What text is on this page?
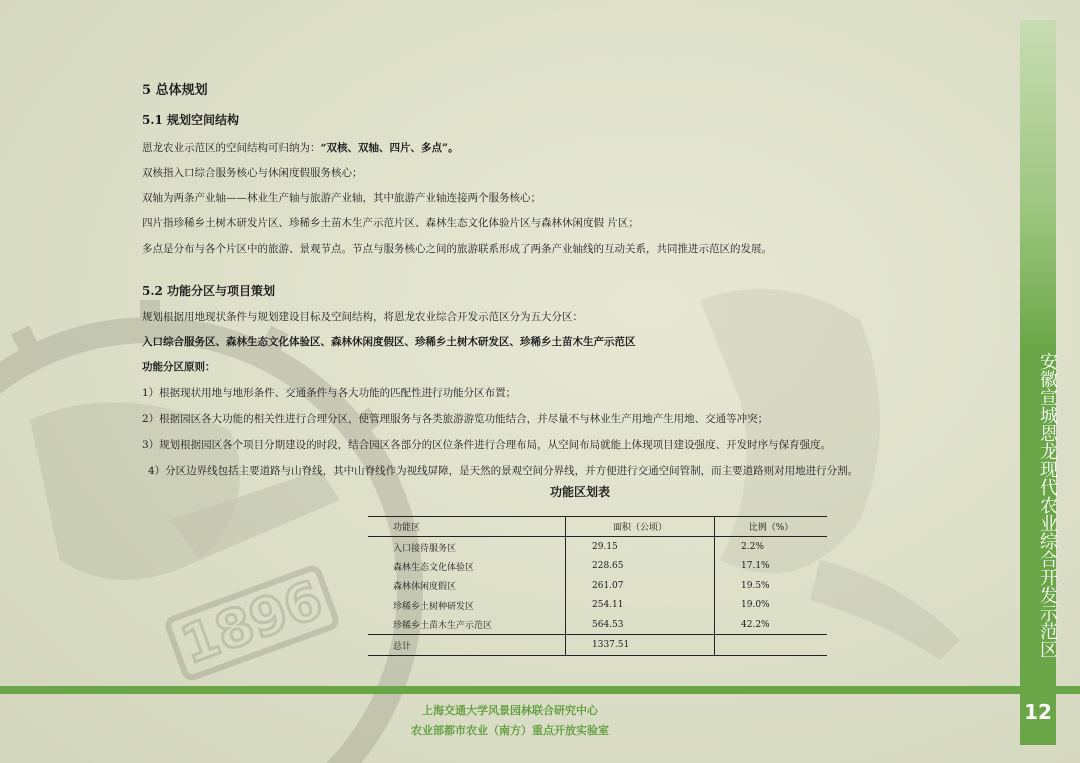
1896
5 总体规划
5.1 规划空间结构
恩龙农业示范区的空间结构可归纳为：“双核、双轴、四片、多点”。
双核指入口综合服务核心与休闲度假服务核心；
双轴为两条产业轴——林业生产轴与旅游产业轴，其中旅游产业轴连接两个服务核心；
四片指珍稀乡土树木研发片区、珍稀乡土苗木生产示范片区、森林生态文化体验片区与森林休闲度假 片区；
多点是分布与各个片区中的旅游、景观节点。节点与服务核心之间的旅游联系形成了两条产业轴线的互动关系，共同推进示范区的发展。
5.2 功能分区与项目策划
规划根据用地现状条件与规划建设目标及空间结构，将恩龙农业综合开发示范区分为五大分区：
入口综合服务区、森林生态文化体验区、森林休闲度假区、珍稀乡土树木研发区、珍稀乡土苗木生产示范区
功能分区原则：
1）根据现状用地与地形条件、交通条件与各大功能的匹配性进行功能分区布置；
2）根据园区各大功能的相关性进行合理分区，使管理服务与各类旅游游览功能结合，并尽量不与林业生产用地产生用地、交通等冲突；
3）规划根据园区各个项目分期建设的时段，结合园区各部分的区位条件进行合理布局，从空间布局就能上体现项目建设强度、开发时序与保育强度。
4）分区边界线包括主要道路与山脊线，其中山脊线作为视线屏障，是天然的景观空间分界线，并方便进行交通空间管制，而主要道路则对用地进行分割。
功能区划表
功能区	面积（公顷）	比例（%）
入口接待服务区	29.15	2.2%
森林生态文化体验区	228.65	17.1%
森林休闲度假区	261.07	19.5%
珍稀乡土树种研发区	254.11	19.0%
珍稀乡土苗木生产示范区	564.53	42.2%
总计	1337.51		安徽宣城恩龙现代农业综合开发示范区
12
上海交通大学风景园林联合研究中心
农业部都市农业（南方）重点开放实验室
